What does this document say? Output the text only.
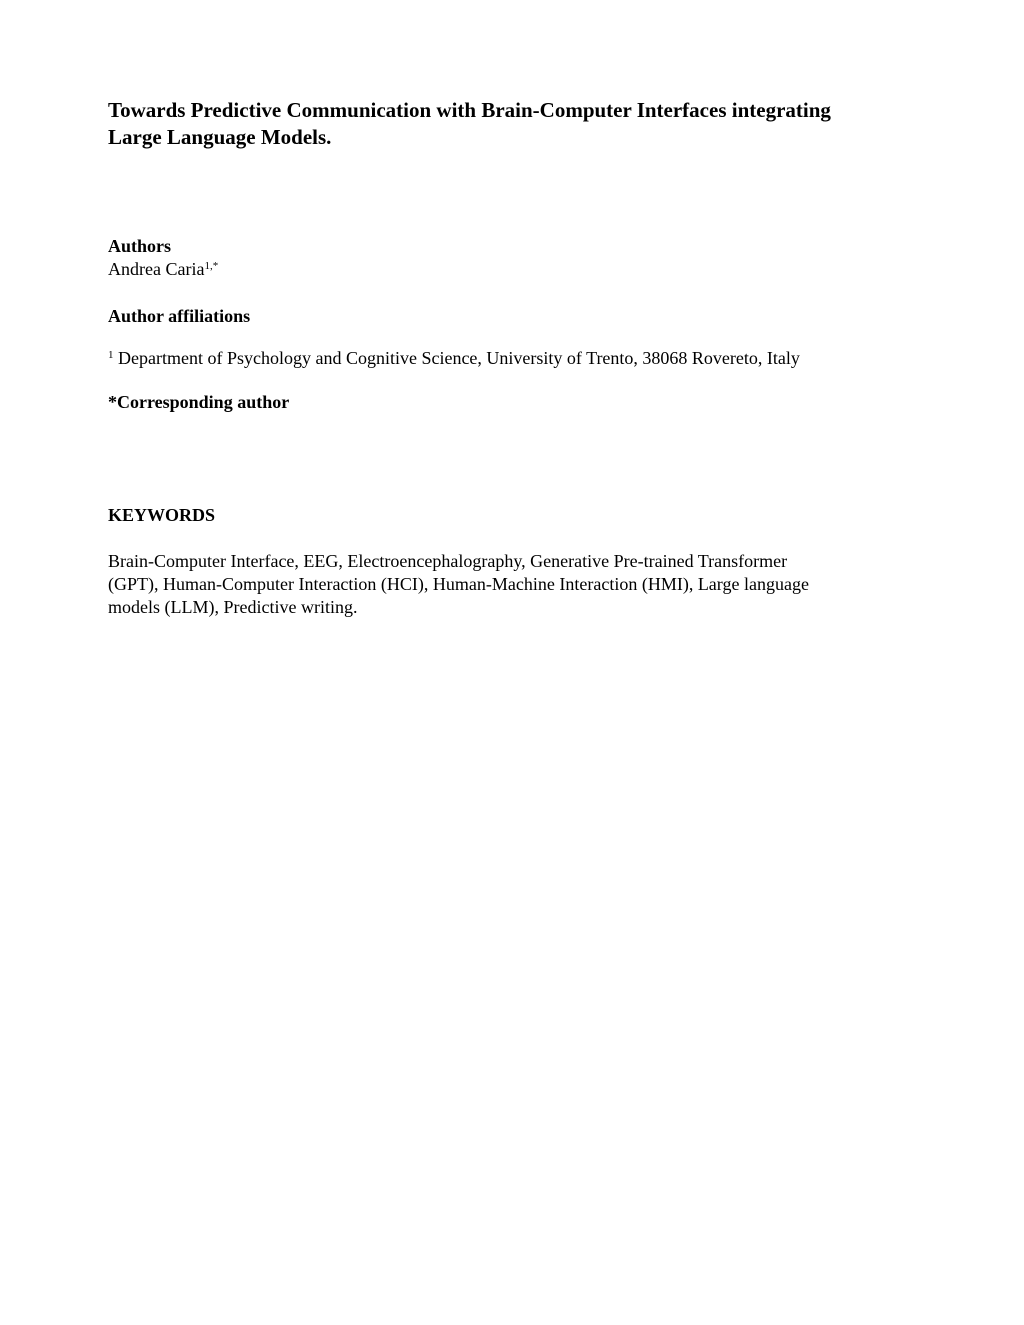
Towards Predictive Communication with Brain-Computer Interfaces integrating
Large Language Models.
Authors

Andrea Caria$^{1,*}$

Author affiliations

$^1$ Department of Psychology and Cognitive Science, University of Trento, 38068 Rovereto, Italy

*Corresponding author
KEYWORDS

Brain-Computer Interface, EEG, Electroencephalography, Generative Pre-trained Transformer
(GPT), Human-Computer Interaction (HCI), Human-Machine Interaction (HMI), Large language
models (LLM), Predictive writing.
